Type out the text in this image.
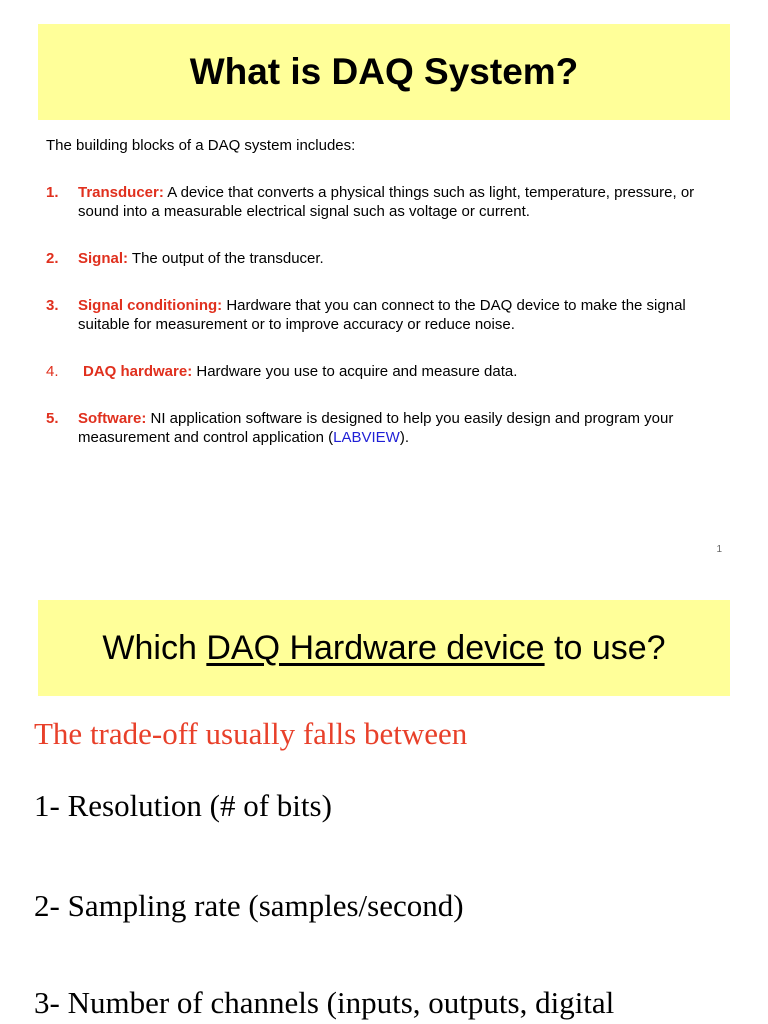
What is DAQ System?
The building blocks of a DAQ system includes:
1. Transducer: A device that converts a physical things such as light, temperature, pressure, or sound into a measurable electrical signal such as voltage or current.
2. Signal: The output of the transducer.
3. Signal conditioning: Hardware that you can connect to the DAQ device to make the signal suitable for measurement or to improve accuracy or reduce noise.
4. DAQ hardware: Hardware you use to acquire and measure data.
5. Software: NI application software is designed to help you easily design and program your measurement and control application (LABVIEW).
1
Which DAQ Hardware device to use?
The trade-off usually falls between
1- Resolution (# of bits)
2- Sampling rate (samples/second)
3- Number of channels (inputs, outputs, digital
